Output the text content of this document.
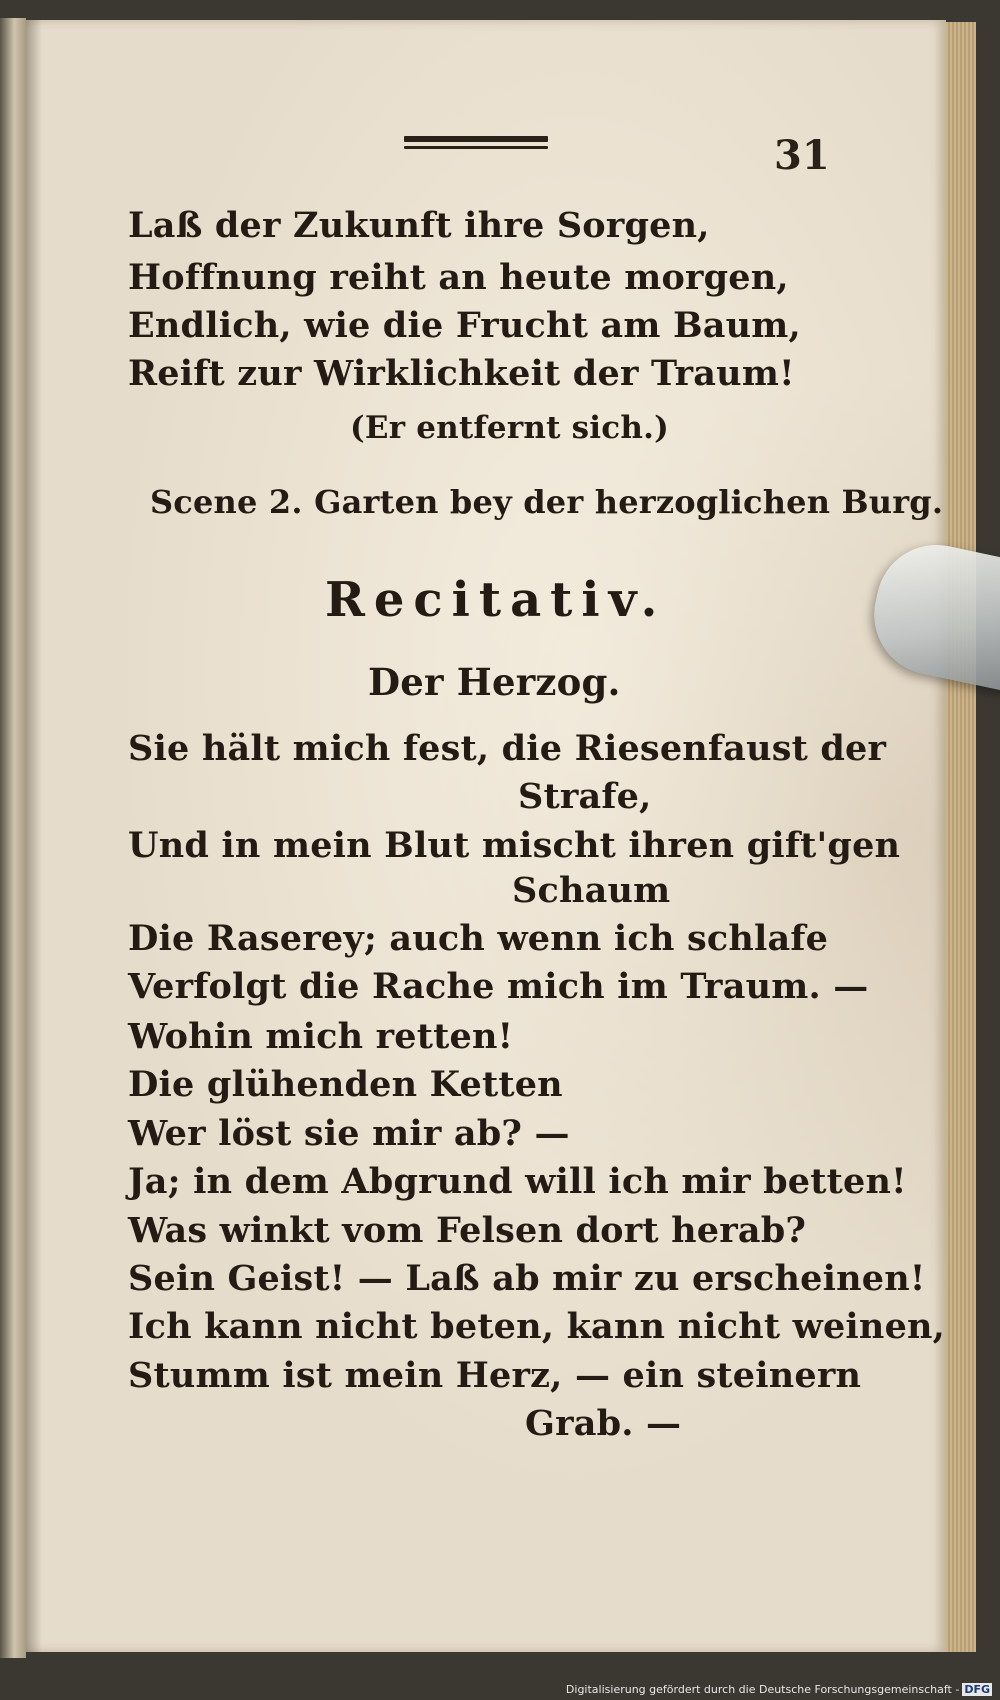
31
Laß der Zukunft ihre Sorgen,
Hoffnung reiht an heute morgen,
Endlich, wie die Frucht am Baum,
Reift zur Wirklichkeit der Traum!
(Er entfernt sich.)
Scene 2. Garten bey der herzoglichen Burg.
Recitativ.
Der Herzog.
Sie hält mich fest, die Riesenfaust der
Strafe,
Und in mein Blut mischt ihren gift'gen
Schaum
Die Raserey; auch wenn ich schlafe
Verfolgt die Rache mich im Traum. —
Wohin mich retten!
Die glühenden Ketten
Wer löst sie mir ab? —
Ja; in dem Abgrund will ich mir betten!
Was winkt vom Felsen dort herab?
Sein Geist! — Laß ab mir zu erscheinen!
Ich kann nicht beten, kann nicht weinen,
Stumm ist mein Herz, — ein steinern
Grab. —
Digitalisierung gefördert durch die Deutsche Forschungsgemeinschaft - DFG
